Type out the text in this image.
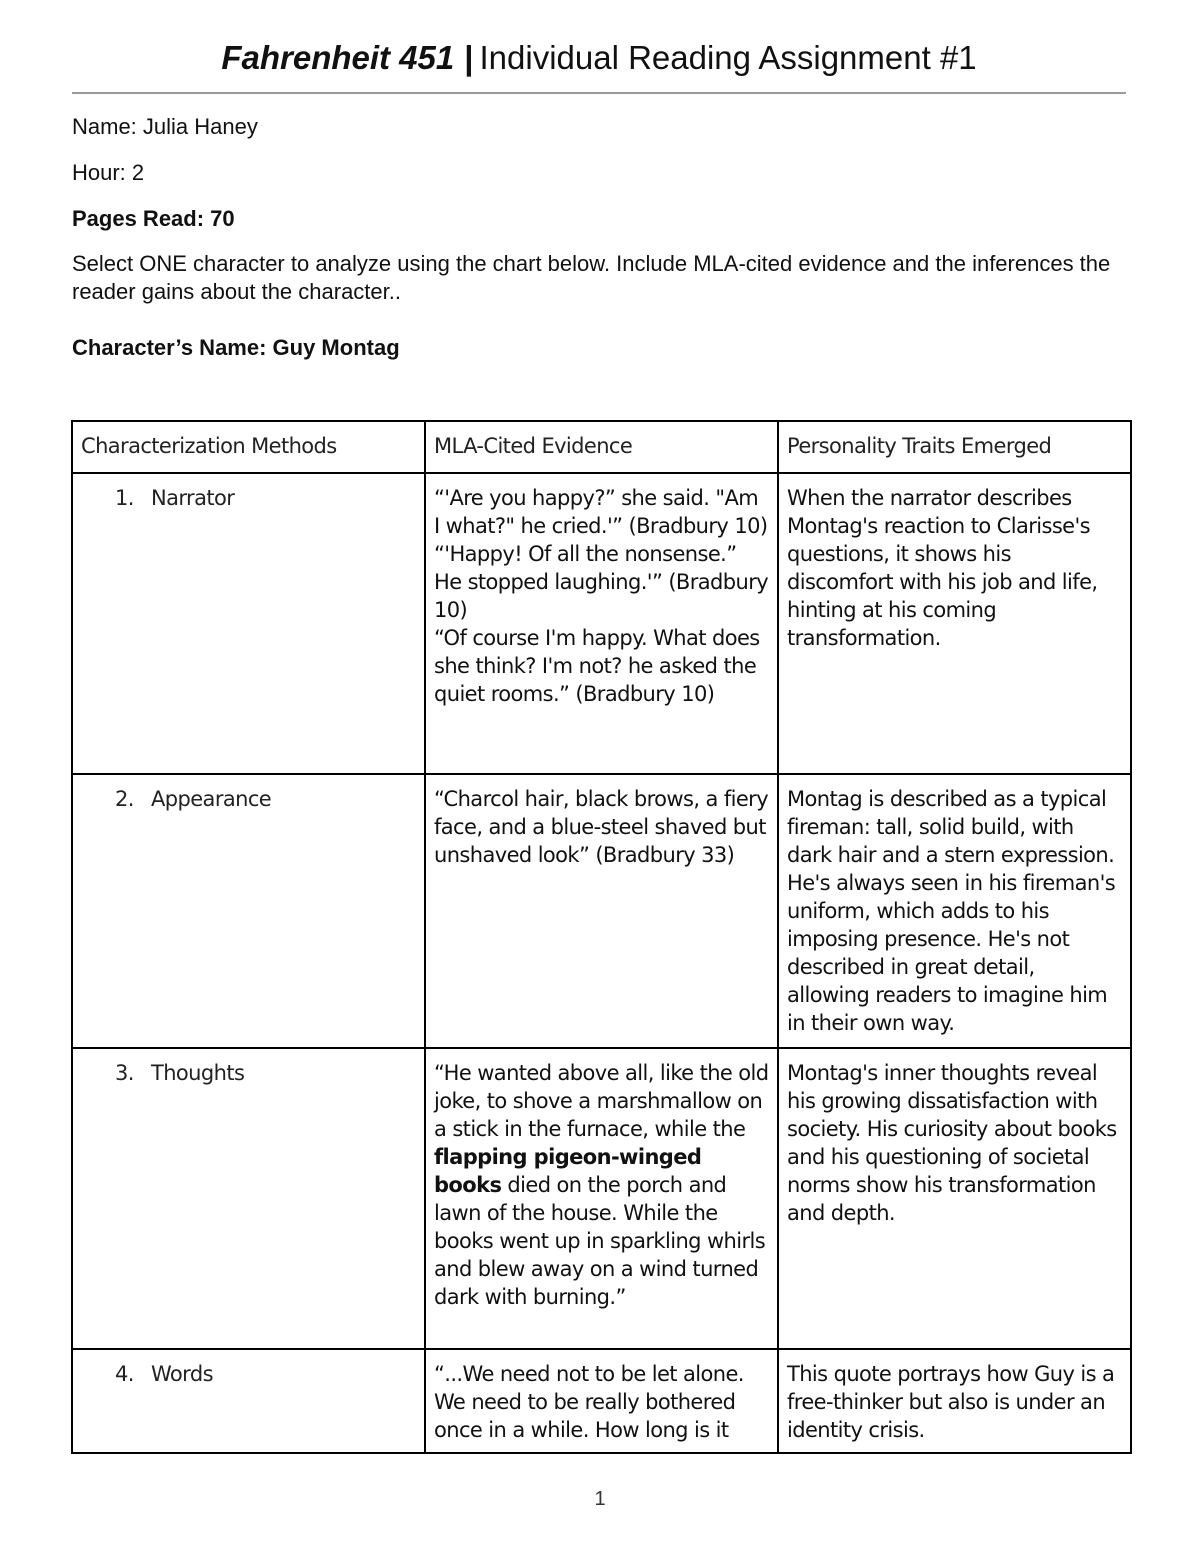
Fahrenheit 451 | Individual Reading Assignment #1
Name: Julia Haney
Hour: 2
Pages Read: 70
Select ONE character to analyze using the chart below. Include MLA-cited evidence and the inferences the reader gains about the character..
Character’s Name: Guy Montag
Characterization Methods	MLA-Cited Evidence	Personality Traits Emerged
1. Narrator	“'Are you happy?” she said. "Am I what?" he cried.'” (Bradbury 10)
“'Happy! Of all the nonsense.” He stopped laughing.'” (Bradbury 10)
“Of course I'm happy. What does she think? I'm not? he asked the quiet rooms.” (Bradbury 10)	When the narrator describes Montag's reaction to Clarisse's questions, it shows his discomfort with his job and life, hinting at his coming transformation.
2. Appearance	“Charcol hair, black brows, a fiery face, and a blue-steel shaved but unshaved look” (Bradbury 33)	Montag is described as a typical fireman: tall, solid build, with dark hair and a stern expression. He's always seen in his fireman's uniform, which adds to his imposing presence. He's not described in great detail, allowing readers to imagine him in their own way.
3. Thoughts	“He wanted above all, like the old joke, to shove a marshmallow on a stick in the furnace, while the flapping pigeon-winged books died on the porch and lawn of the house. While the books went up in sparkling whirls and blew away on a wind turned dark with burning.”	Montag's inner thoughts reveal his growing dissatisfaction with society. His curiosity about books and his questioning of societal norms show his transformation and depth.
4. Words	“...We need not to be let alone. We need to be really bothered once in a while. How long is it	This quote portrays how Guy is a free-thinker but also is under an identity crisis.
1
